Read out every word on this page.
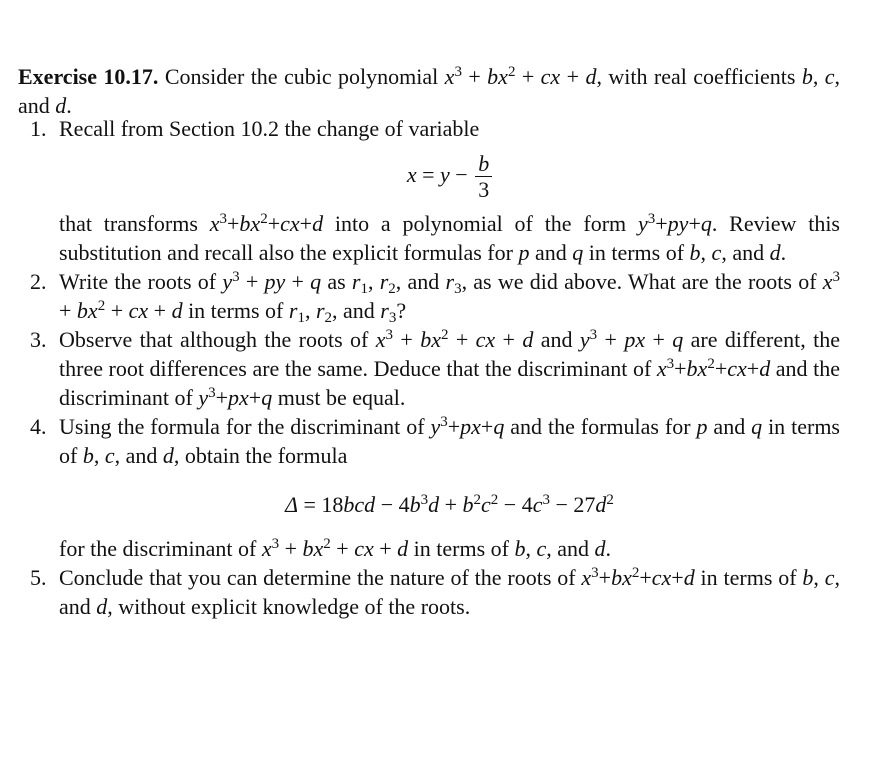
Exercise 10.17. Consider the cubic polynomial $x^3 + bx^2$ + cx + d, with real coefficients b, c, and d.

1. Recall from Section 10.2 the change of variable
$x = y - \frac{b}{3}$
that transforms $x^3+bx^2+cx+d$ into a polynomial of the form $y^3+py+q$. Review this substitution and recall also the explicit formulas for p and q in terms of b, c, and d.
2. Write the roots of $y^3$ + py + q as $r_1$, $r_2$, and $r_3$, as we did above. What are the roots of $x^3 + bx^2$ + cx + d in terms of $r_1$, $r_2$, and $r_3$?
3. Observe that although the roots of $x^3 + bx^2$ + cx + d and $y^3$ + px + q are different, the three root differences are the same. Deduce that the discriminant of $x^3+bx^2+cx+d$ and the discriminant of $y^3+px+q$ must be equal.
4. Using the formula for the discriminant of $y^3+px+q$ and the formulas for p and q in terms of b, c, and d, obtain the formula
$\Delta = 18bcd - 4b^3d + b^2c^2 - 4c^3 - 27d^2$
for the discriminant of $x^3 + bx^2$ + cx + d in terms of b, c, and d.
5. Conclude that you can determine the nature of the roots of $x^3+bx^2+cx+d$ in terms of b, c, and d, without explicit knowledge of the roots.
